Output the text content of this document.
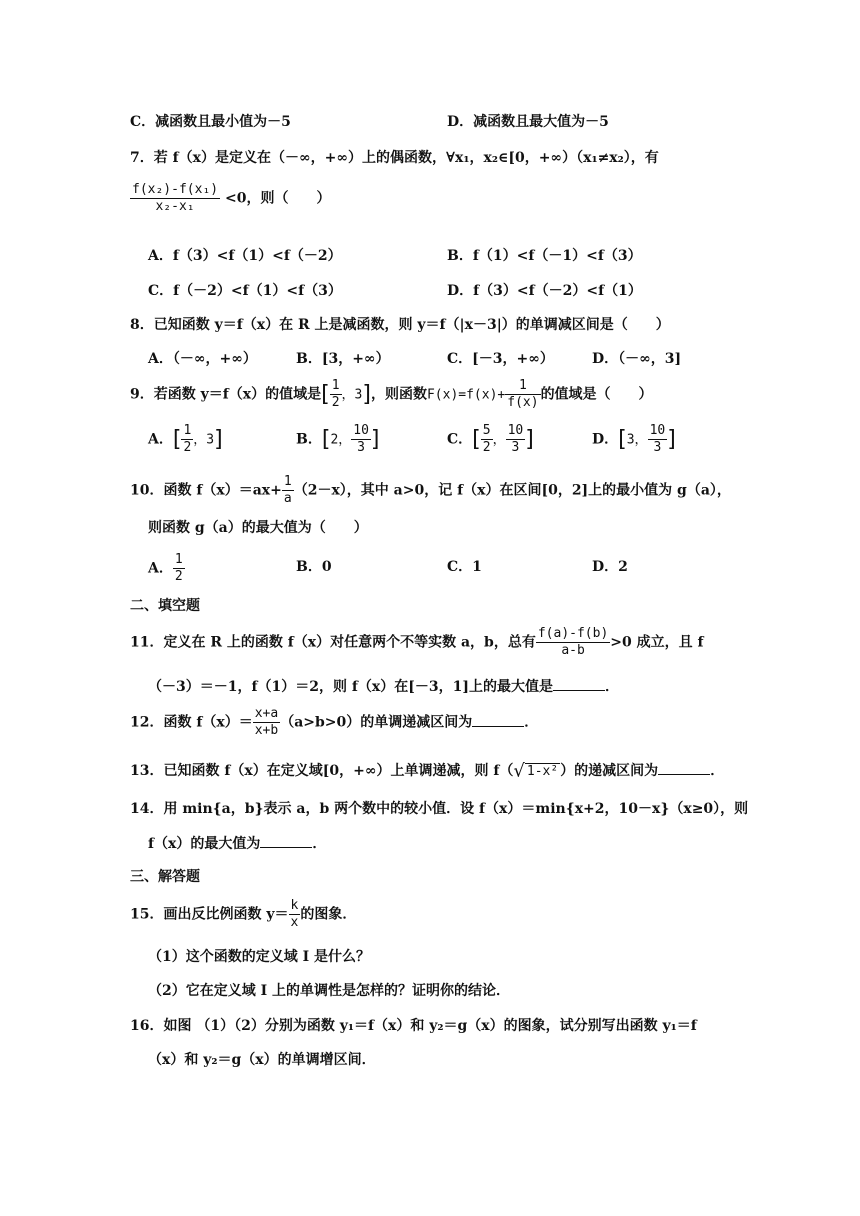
C．减函数且最小值为－5	D．减函数且最大值为－5
7．若 f（x）是定义在（－∞，+∞）上的偶函数，∀x₁，x₂∈[0，+∞）（x₁≠x₂），有
$\frac{\text{f(x₂)-f(x₁)}}{\text{x₂-x₁}} <0$，则（　　）
A．f（3）<f（1）<f（－2）	B．f（1）<f（－1）<f（3）
C．f（－2）<f（1）<f（3）	D．f（3）<f（－2）<f（1）
8．已知函数 y＝f（x）在 R 上是减函数，则 y＝f（|x－3|）的单调减区间是（　　）
A．（－∞，+∞）	B．[3，+∞）	C．[－3，+∞）	D．（－∞，3]
9．若函数 y＝f（x）的值域是[ $\frac{1}{2}$ ，3]，则函数$F(x)=f(x)+ \frac{1}{f(x)}$ 的值域是（　　）
A．[ $\frac{1}{2}$ ，3]	B．[2， $\frac{10}{3}$ ]	C．[ $\frac{5}{2}$ ， $\frac{10}{3}$ ]	D．[3， $\frac{10}{3}$ ]
10．函数 $f(x)=ax+ \frac{1}{a} (2-x)$，其中 a>0，记 f（x）在区间[0，2]上的最小值为 g（a），
则函数 g（a）的最大值为（　　）
A． $\frac{1}{2}$	B．0	C．1	D．2
二、填空题
11．定义在 R 上的函数 f（x）对任意两个不等实数 a，b，总有 $\frac{f(a)-f(b)}{a-b} >0$ 成立，且 f
（－3）＝－1，f（1）＝2，则 f（x）在[－3，1]上的最大值是	．
12．函数 $f(x)= \frac{x+a}{x+b} (a>b>0)$的单调递减区间为	．
13．已知函数 f（x）在定义域[0，+∞）上单调递减，则 f（√ 1-x² ）的递减区间为	．
14．用 min{a，b}表示 a，b 两个数中的较小值．设 f（x）＝min{x+2，10－x}（x≥0），则
f（x）的最大值为	．
三、解答题
15．画出反比例函数 $y= \frac{k}{x}$ 的图象．
（1）这个函数的定义域 I 是什么？
（2）它在定义域 I 上的单调性是怎样的？证明你的结论．
16．如图 （1）（2）分别为函数 y₁＝f（x）和 y₂＝g（x）的图象，试分别写出函数 y₁＝f
（x）和 y₂＝g（x）的单调增区间．
